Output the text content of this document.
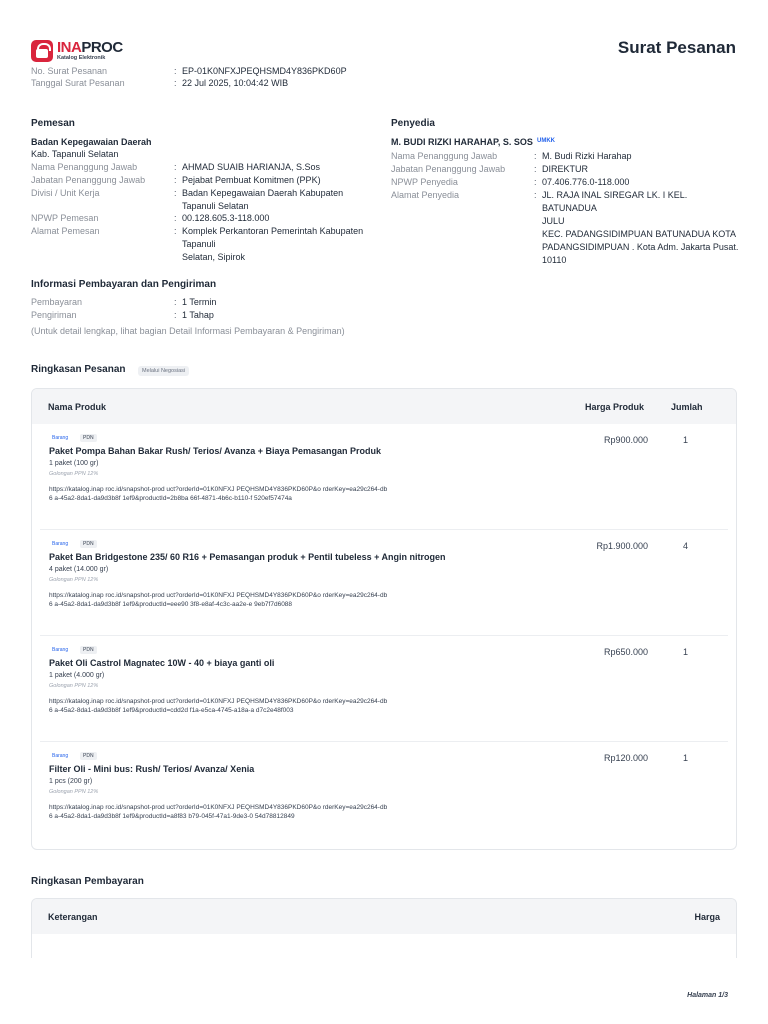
INAPROC
Katalog Elektronik
Surat Pesanan
No. Surat Pesanan	: EP-01K0NFXJPEQHSMD4Y836PKD60P
Tanggal Surat Pesanan	: 22 Jul 2025, 10:04:42 WIB
Pemesan
Badan Kepegawaian Daerah
Kab. Tapanuli Selatan
Nama Penanggung Jawab	: AHMAD SUAIB HARIANJA, S.Sos
Jabatan Penanggung Jawab	: Pejabat Pembuat Komitmen (PPK)
Divisi / Unit Kerja	: Badan Kepegawaian Daerah Kabupaten
Tapanuli Selatan
NPWP Pemesan	: 00.128.605.3-118.000
Alamat Pemesan	: Komplek Perkantoran Pemerintah Kabupaten
Tapanuli
Selatan, Sipirok
Penyedia
M. BUDI RIZKI HARAHAP, S. SOS UMKK
Nama Penanggung Jawab	: M. Budi Rizki Harahap
Jabatan Penanggung Jawab	: DIREKTUR
NPWP Penyedia	: 07.406.776.0-118.000
Alamat Penyedia	: JL. RAJA INAL SIREGAR LK. I KEL. BATUNADUA
JULU
KEC. PADANGSIDIMPUAN BATUNADUA KOTA
PADANGSIDIMPUAN . Kota Adm. Jakarta Pusat.
10110
Informasi Pembayaran dan Pengiriman
Pembayaran	: 1 Termin
Pengiriman	: 1 Tahap
(Untuk detail lengkap, lihat bagian Detail Informasi Pembayaran & Pengiriman)
Ringkasan Pesanan	Melalui Negosiasi
Nama Produk	Harga Produk	Jumlah
Barang	PDN
Paket Pompa Bahan Bakar Rush/ Terios/ Avanza + Biaya Pemasangan Produk
1 paket (100 gr)
Golongan PPN 12%
https://katalog.inap roc.id/snapshot-prod uct?orderId=01K0NFXJ PEQHSMD4Y836PKD60P&o rderKey=ea29c264-db6 a-45a2-8da1-da9d3b8f 1ef9&productId=2b8ba 66f-4871-4b6c-b110-f 520ef57474a
Rp900.000	1
Barang	PDN
Paket Ban Bridgestone 235/ 60 R16 + Pemasangan produk + Pentil tubeless + Angin nitrogen
4 paket (14.000 gr)
Golongan PPN 12%
https://katalog.inap roc.id/snapshot-prod uct?orderId=01K0NFXJ PEQHSMD4Y836PKD60P&o rderKey=ea29c264-db6 a-45a2-8da1-da9d3b8f 1ef9&productId=eee90 3f8-e8af-4c3c-aa2e-e 9eb7f7d6088
Rp1.900.000	4
Barang	PDN
Paket Oli Castrol Magnatec 10W - 40 + biaya ganti oli
1 paket (4.000 gr)
Golongan PPN 12%
https://katalog.inap roc.id/snapshot-prod uct?orderId=01K0NFXJ PEQHSMD4Y836PKD60P&o rderKey=ea29c264-db6 a-45a2-8da1-da9d3b8f 1ef9&productId=cdd2d f1a-e5ca-4745-a18a-a d7c2e48f003
Rp650.000	1
Barang	PDN
Filter Oli - Mini bus: Rush/ Terios/ Avanza/ Xenia
1 pcs (200 gr)
Golongan PPN 12%
https://katalog.inap roc.id/snapshot-prod uct?orderId=01K0NFXJ PEQHSMD4Y836PKD60P&o rderKey=ea29c264-db6 a-45a2-8da1-da9d3b8f 1ef9&productId=a8f83 b79-045f-47a1-9de3-0 54d78812849
Rp120.000	1
Ringkasan Pembayaran
Keterangan	Harga
Halaman 1/3
